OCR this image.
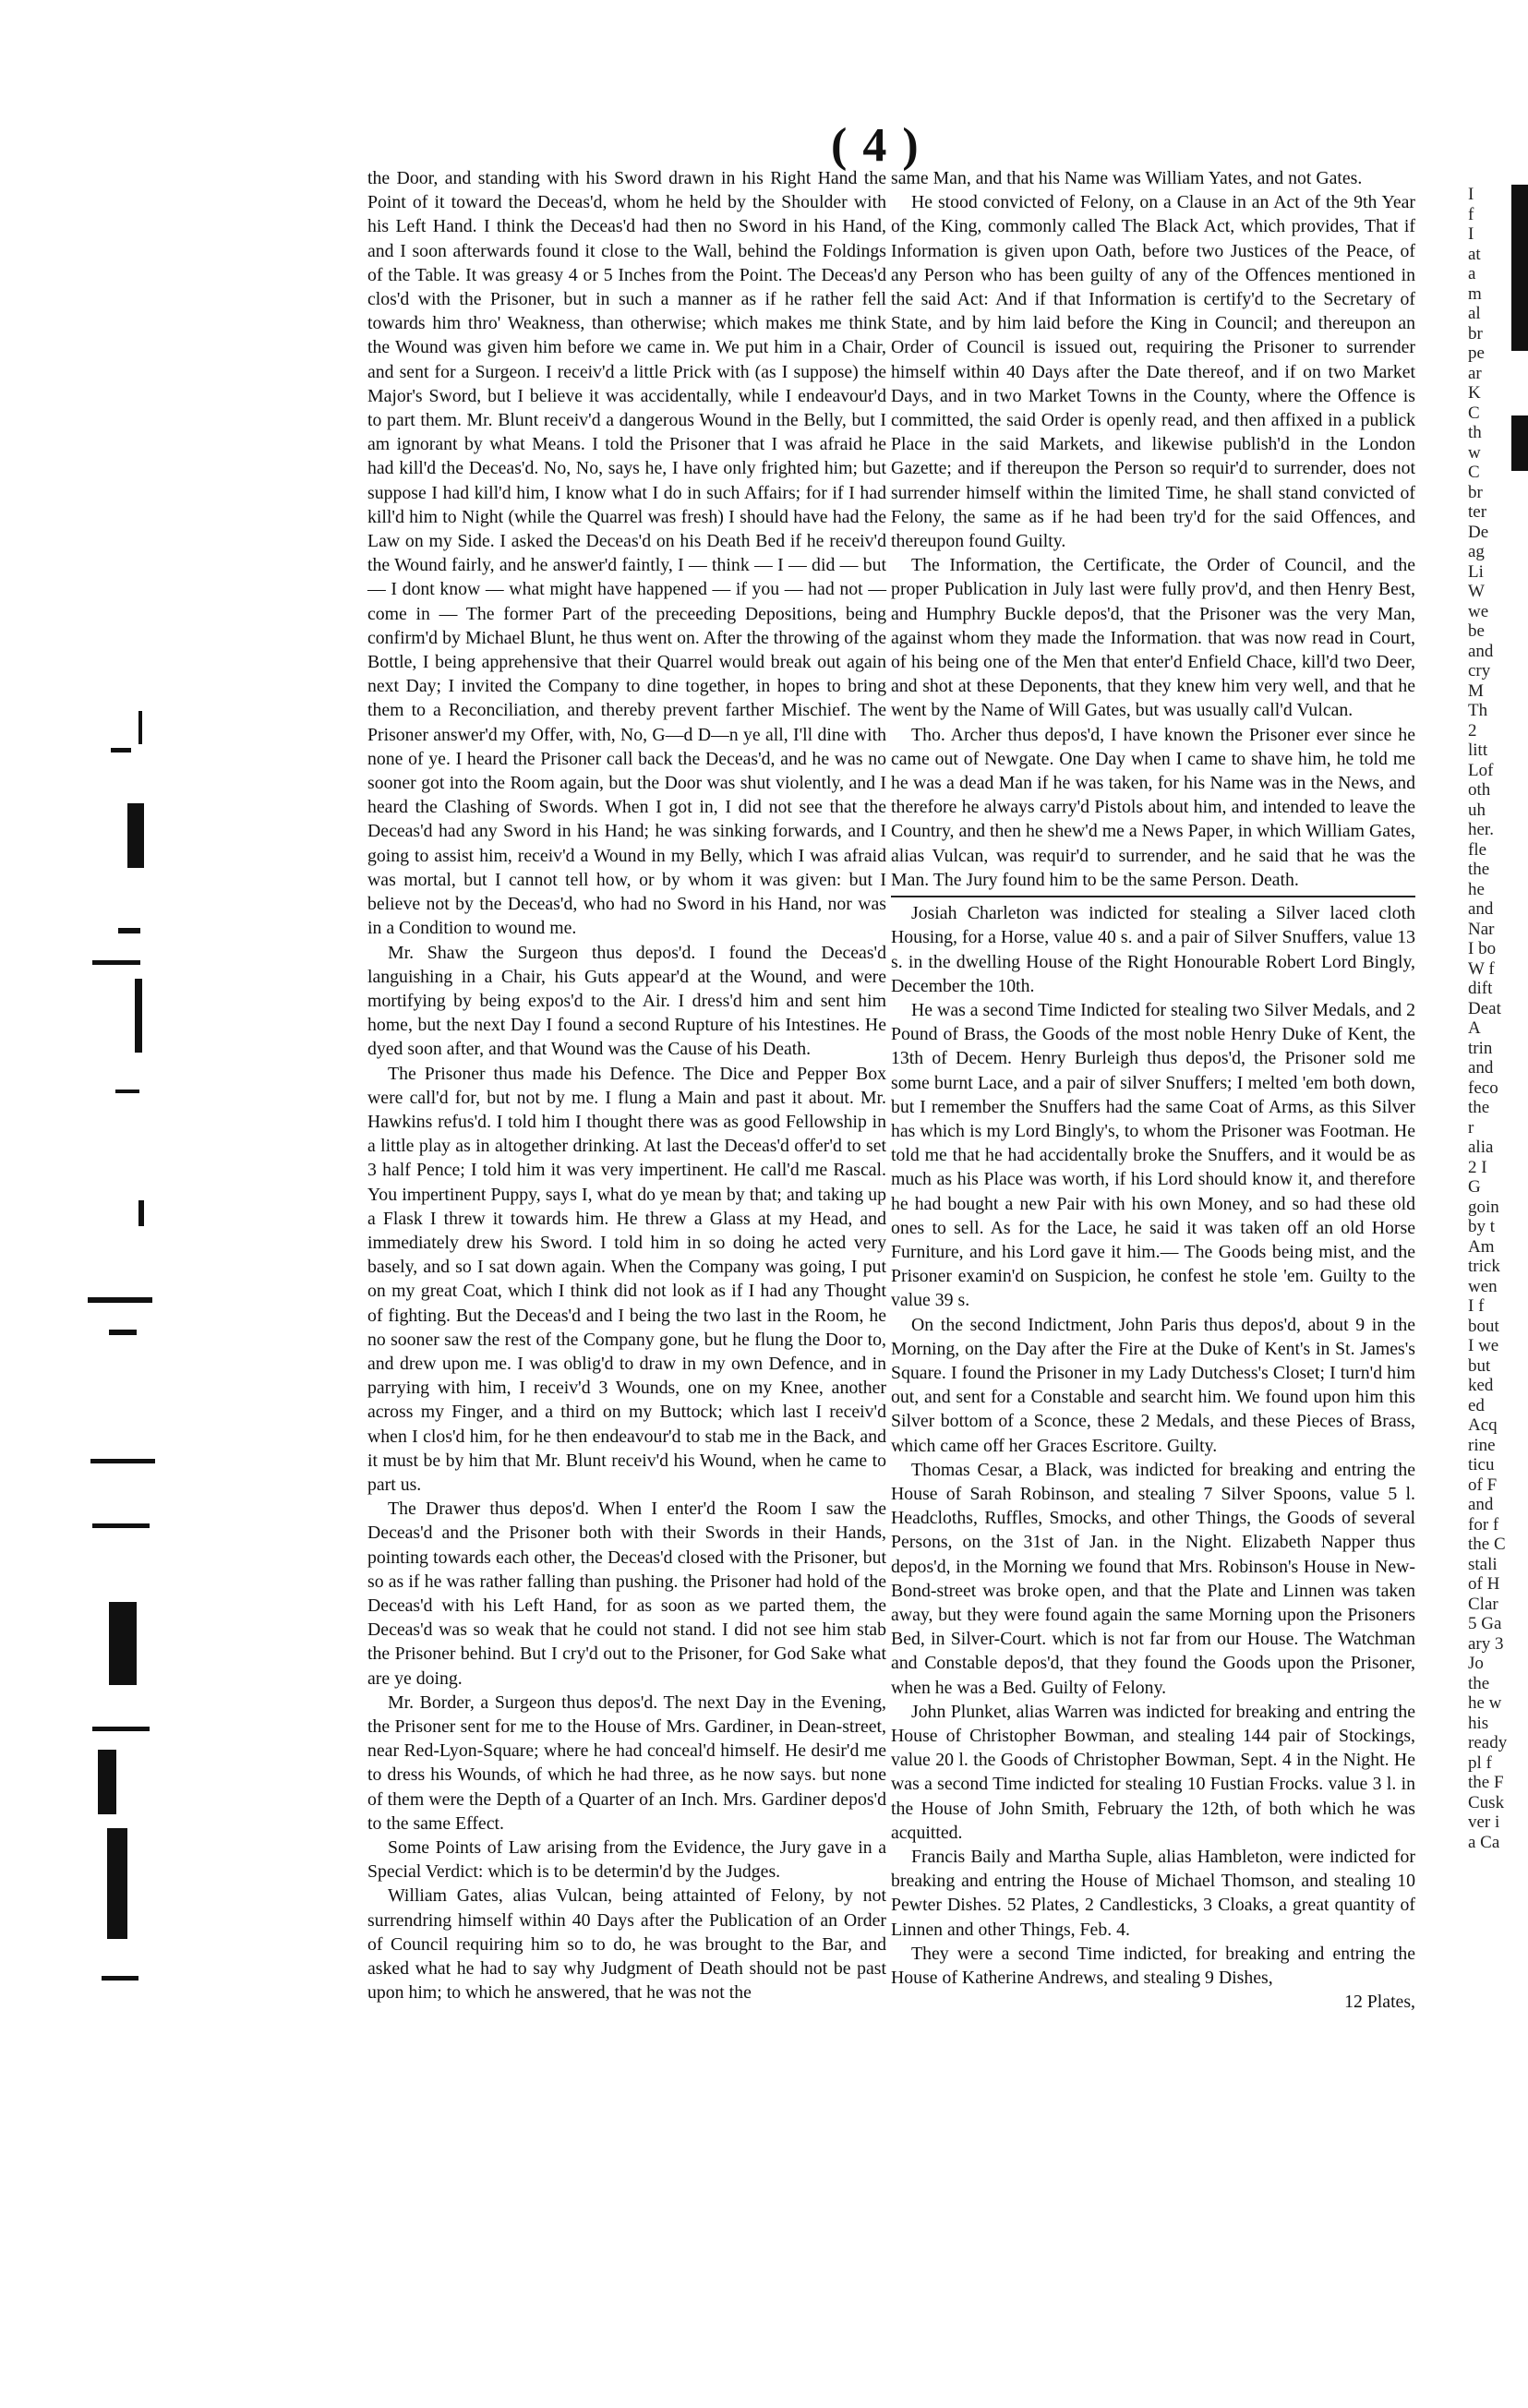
( 4 )

the Door, and standing with his Sword drawn in his Right Hand the Point of it toward the Deceas'd, whom he held by the Shoulder with his Left Hand. I think the Deceas'd had then no Sword in his Hand, and I soon afterwards found it close to the Wall, behind the Foldings of the Table. It was greasy 4 or 5 Inches from the Point. The Deceas'd clos'd with the Prisoner, but in such a manner as if he rather fell towards him thro' Weakness, than otherwise; which makes me think the Wound was given him before we came in. We put him in a Chair, and sent for a Surgeon. I receiv'd a little Prick with (as I suppose) the Major's Sword, but I believe it was accidentally, while I endeavour'd to part them. Mr. Blunt receiv'd a dangerous Wound in the Belly, but I am ignorant by what Means. I told the Prisoner that I was afraid he had kill'd the Deceas'd. No, No, says he, I have only frighted him; but suppose I had kill'd him, I know what I do in such Affairs; for if I had kill'd him to Night (while the Quarrel was fresh) I should have had the Law on my Side. I asked the Deceas'd on his Death Bed if he receiv'd the Wound fairly, and he answer'd faintly, I — think — I — did — but — I dont know — what might have happened — if you — had not — come in — The former Part of the preceeding Depositions, being confirm'd by Michael Blunt, he thus went on. After the throwing of the Bottle, I being apprehensive that their Quarrel would break out again next Day; I invited the Company to dine together, in hopes to bring them to a Reconciliation, and thereby prevent farther Mischief. The Prisoner answer'd my Offer, with, No, G—d D—n ye all, I'll dine with none of ye. I heard the Prisoner call back the Deceas'd, and he was no sooner got into the Room again, but the Door was shut violently, and I heard the Clashing of Swords. When I got in, I did not see that the Deceas'd had any Sword in his Hand; he was sinking forwards, and I going to assist him, receiv'd a Wound in my Belly, which I was afraid was mortal, but I cannot tell how, or by whom it was given: but I believe not by the Deceas'd, who had no Sword in his Hand, nor was in a Condition to wound me.

Mr. Shaw the Surgeon thus depos'd. I found the Deceas'd languishing in a Chair, his Guts appear'd at the Wound, and were mortifying by being expos'd to the Air. I dress'd him and sent him home, but the next Day I found a second Rupture of his Intestines. He dyed soon after, and that Wound was the Cause of his Death.

The Prisoner thus made his Defence. The Dice and Pepper Box were call'd for, but not by me. I flung a Main and past it about. Mr. Hawkins refus'd. I told him I thought there was as good Fellowship in a little play as in altogether drinking. At last the Deceas'd offer'd to set 3 half Pence; I told him it was very impertinent. He call'd me Rascal. You impertinent Puppy, says I, what do ye mean by that; and taking up a Flask I threw it towards him. He threw a Glass at my Head, and immediately drew his Sword. I told him in so doing he acted very basely, and so I sat down again. When the Company was going, I put on my great Coat, which I think did not look as if I had any Thought of fighting. But the Deceas'd and I being the two last in the Room, he no sooner saw the rest of the Company gone, but he flung the Door to, and drew upon me. I was oblig'd to draw in my own Defence, and in parrying with him, I receiv'd 3 Wounds, one on my Knee, another across my Finger, and a third on my Buttock; which last I receiv'd when I clos'd him, for he then endeavour'd to stab me in the Back, and it must be by him that Mr. Blunt receiv'd his Wound, when he came to part us.

The Drawer thus depos'd. When I enter'd the Room I saw the Deceas'd and the Prisoner both with their Swords in their Hands, pointing towards each other, the Deceas'd closed with the Prisoner, but so as if he was rather falling than pushing. the Prisoner had hold of the Deceas'd with his Left Hand, for as soon as we parted them, the Deceas'd was so weak that he could not stand. I did not see him stab the Prisoner behind. But I cry'd out to the Prisoner, for God Sake what are ye doing.

Mr. Border, a Surgeon thus depos'd. The next Day in the Evening, the Prisoner sent for me to the House of Mrs. Gardiner, in Dean-street, near Red-Lyon-Square; where he had conceal'd himself. He desir'd me to dress his Wounds, of which he had three, as he now says. but none of them were the Depth of a Quarter of an Inch. Mrs. Gardiner depos'd to the same Effect.

Some Points of Law arising from the Evidence, the Jury gave in a Special Verdict: which is to be determin'd by the Judges.

William Gates, alias Vulcan, being attainted of Felony, by not surrendring himself within 40 Days after the Publication of an Order of Council requiring him so to do, he was brought to the Bar, and asked what he had to say why Judgment of Death should not be past upon him; to which he answered, that he was not the

same Man, and that his Name was William Yates, and not Gates.

He stood convicted of Felony, on a Clause in an Act of the 9th Year of the King, commonly called The Black Act, which provides, That if Information is given upon Oath, before two Justices of the Peace, of any Person who has been guilty of any of the Offences mentioned in the said Act: And if that Information is certify'd to the Secretary of State, and by him laid before the King in Council; and thereupon an Order of Council is issued out, requiring the Prisoner to surrender himself within 40 Days after the Date thereof, and if on two Market Days, and in two Market Towns in the County, where the Offence is committed, the said Order is openly read, and then affixed in a publick Place in the said Markets, and likewise publish'd in the London Gazette; and if thereupon the Person so requir'd to surrender, does not surrender himself within the limited Time, he shall stand convicted of Felony, the same as if he had been try'd for the said Offences, and thereupon found Guilty.

The Information, the Certificate, the Order of Council, and the proper Publication in July last were fully prov'd, and then Henry Best, and Humphry Buckle depos'd, that the Prisoner was the very Man, against whom they made the Information. that was now read in Court, of his being one of the Men that enter'd Enfield Chace, kill'd two Deer, and shot at these Deponents, that they knew him very well, and that he went by the Name of Will Gates, but was usually call'd Vulcan.

Tho. Archer thus depos'd, I have known the Prisoner ever since he came out of Newgate. One Day when I came to shave him, he told me he was a dead Man if he was taken, for his Name was in the News, and therefore he always carry'd Pistols about him, and intended to leave the Country, and then he shew'd me a News Paper, in which William Gates, alias Vulcan, was requir'd to surrender, and he said that he was the Man. The Jury found him to be the same Person. Death.

Josiah Charleton was indicted for stealing a Silver laced cloth Housing, for a Horse, value 40 s. and a pair of Silver Snuffers, value 13 s. in the dwelling House of the Right Honourable Robert Lord Bingly, December the 10th.

He was a second Time Indicted for stealing two Silver Medals, and 2 Pound of Brass, the Goods of the most noble Henry Duke of Kent, the 13th of Decem. Henry Burleigh thus depos'd, the Prisoner sold me some burnt Lace, and a pair of silver Snuffers; I melted 'em both down, but I remember the Snuffers had the same Coat of Arms, as this Silver has which is my Lord Bingly's, to whom the Prisoner was Footman. He told me that he had accidentally broke the Snuffers, and it would be as much as his Place was worth, if his Lord should know it, and therefore he had bought a new Pair with his own Money, and so had these old ones to sell. As for the Lace, he said it was taken off an old Horse Furniture, and his Lord gave it him.— The Goods being mist, and the Prisoner examin'd on Suspicion, he confest he stole 'em. Guilty to the value 39 s.

On the second Indictment, John Paris thus depos'd, about 9 in the Morning, on the Day after the Fire at the Duke of Kent's in St. James's Square. I found the Prisoner in my Lady Dutchess's Closet; I turn'd him out, and sent for a Constable and searcht him. We found upon him this Silver bottom of a Sconce, these 2 Medals, and these Pieces of Brass, which came off her Graces Escritore. Guilty.

Thomas Cesar, a Black, was indicted for breaking and entring the House of Sarah Robinson, and stealing 7 Silver Spoons, value 5 l. Headcloths, Ruffles, Smocks, and other Things, the Goods of several Persons, on the 31st of Jan. in the Night. Elizabeth Napper thus depos'd, in the Morning we found that Mrs. Robinson's House in New-Bond-street was broke open, and that the Plate and Linnen was taken away, but they were found again the same Morning upon the Prisoners Bed, in Silver-Court. which is not far from our House. The Watchman and Constable depos'd, that they found the Goods upon the Prisoner, when he was a Bed. Guilty of Felony.

John Plunket, alias Warren was indicted for breaking and entring the House of Christopher Bowman, and stealing 144 pair of Stockings, value 20 l. the Goods of Christopher Bowman, Sept. 4 in the Night. He was a second Time indicted for stealing 10 Fustian Frocks. value 3 l. in the House of John Smith, February the 12th, of both which he was acquitted.

Francis Baily and Martha Suple, alias Hambleton, were indicted for breaking and entring the House of Michael Thomson, and stealing 10 Pewter Dishes. 52 Plates, 2 Candlesticks, 3 Cloaks, a great quantity of Linnen and other Things, Feb. 4.

They were a second Time indicted, for breaking and entring the House of Katherine Andrews, and stealing 9 Dishes,

12 Plates,

I
f
I
at
a
m
al
br
pe
ar
K
C
th
w
C
br
ter
De
ag
Li
W
we
be
and
cry
M
Th
2
litt
Lof
oth
uh
her.
fle
the
he
and
Nar
I bo
W f
dift
Deat
A
trin
and
feco
the
r
alia
2 I
G
goin
by t
Am
trick
wen
I f
bout
I we
but
ked
ed
Acq
rine
ticu
of F
and
for f
the C
stali
of H
Clar
5 Ga
ary 3
Jo
the
he w
his
ready
pl f
the F
Cusk
ver i
a Ca
